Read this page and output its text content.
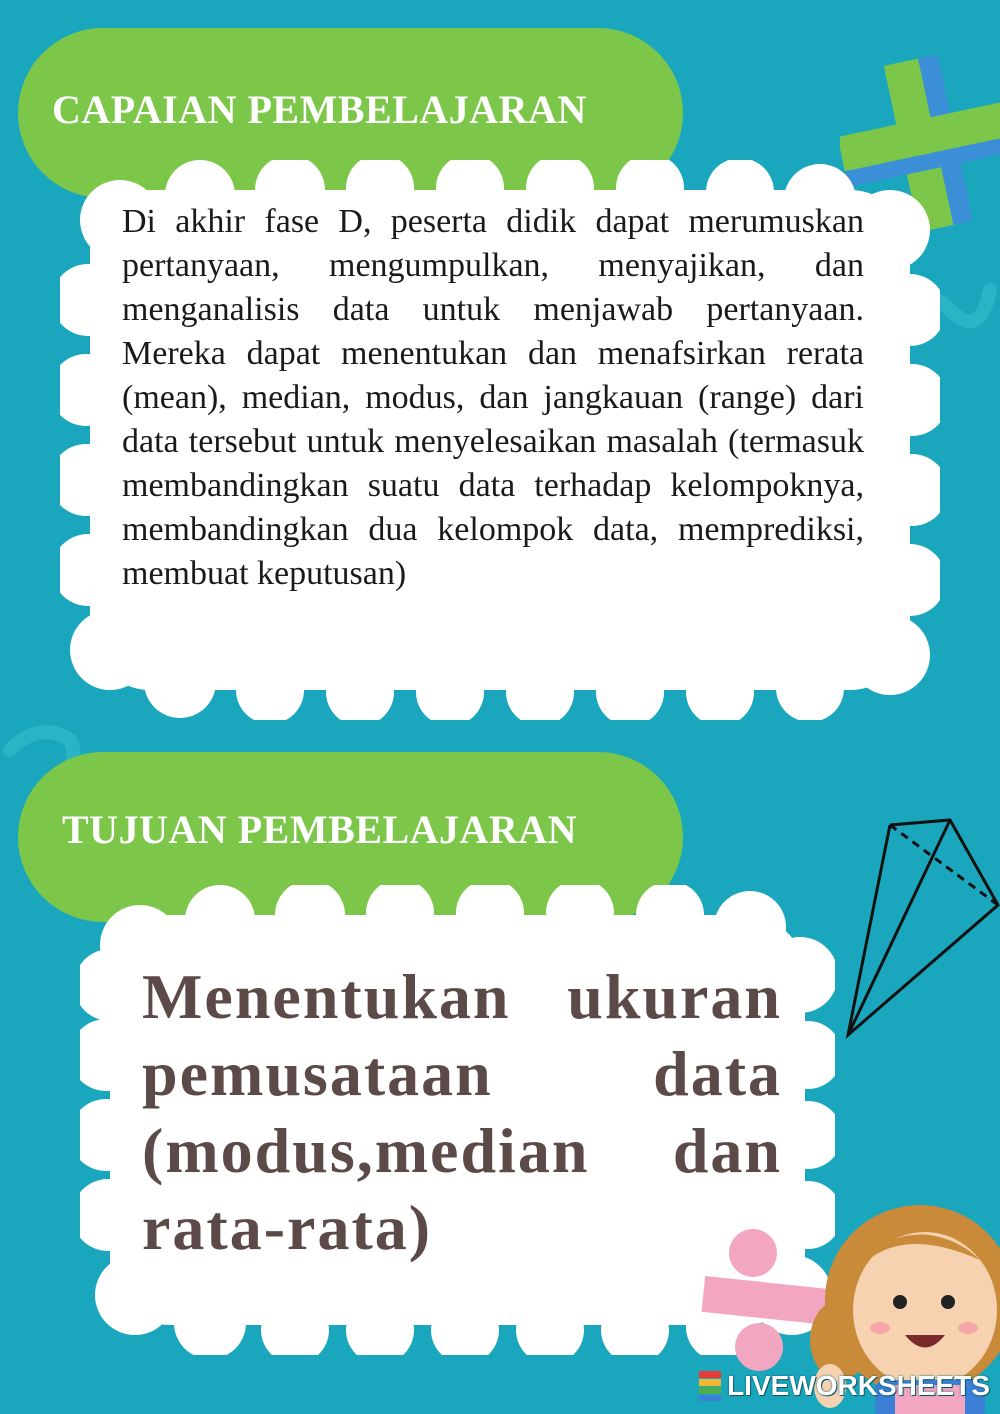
CAPAIAN PEMBELAJARAN

Di akhir fase D, peserta didik dapat merumuskan pertanyaan, mengumpulkan, menyajikan, dan menganalisis data untuk menjawab pertanyaan. Mereka dapat menentukan dan menafsirkan rerata (mean), median, modus, dan jangkauan (range) dari data tersebut untuk menyelesaikan masalah (termasuk membandingkan suatu data terhadap kelompoknya, membandingkan dua kelompok data, memprediksi, membuat keputusan)

TUJUAN PEMBELAJARAN

Menentukan ukuran pemusataan data (modus,median dan rata-rata)

LIVEWORKSHEETS
